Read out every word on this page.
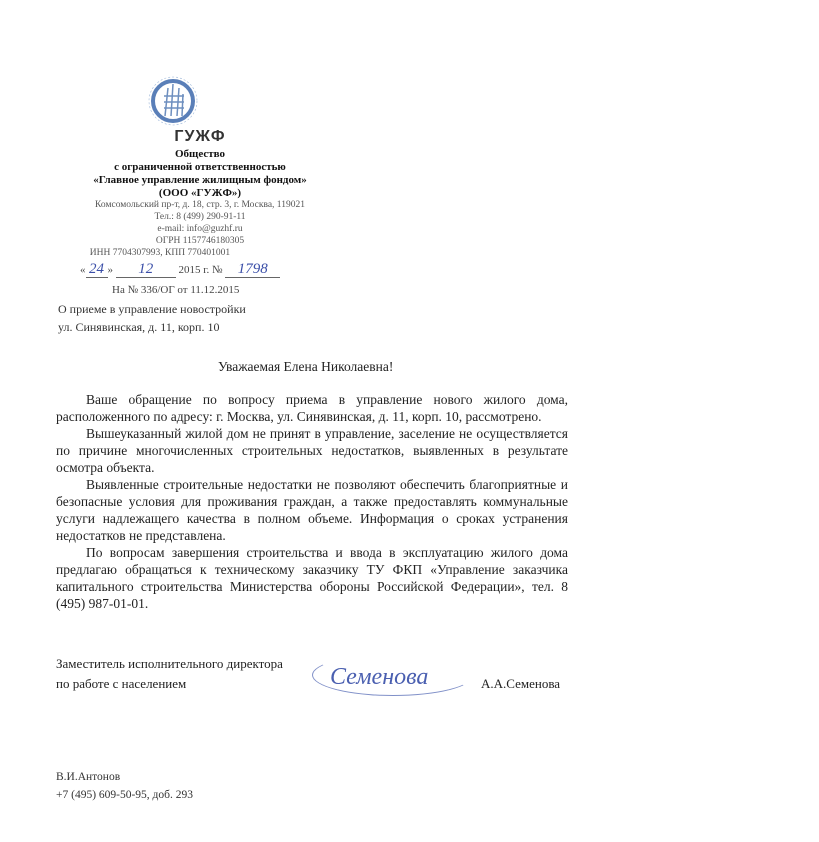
ГУЖФ
Общество
с ограниченной ответственностью
«Главное управление жилищным фондом»
(ООО «ГУЖФ»)
Комсомольский пр-т, д. 18, стр. 3, г. Москва, 119021
Тел.: 8 (499) 290-91-11
e-mail: info@guzhf.ru
ОГРН 1157746180305
ИНН 7704307993, КПП 770401001
« 24 » 12 2015 г. № 1798
На № 336/ОГ от 11.12.2015
О приеме в управление новостройки
ул. Синявинская, д. 11, корп. 10
Уважаемая Елена Николаевна!

Ваше обращение по вопросу приема в управление нового жилого дома, расположенного по адресу: г. Москва, ул. Синявинская, д. 11, корп. 10, рассмотрено.

Вышеуказанный жилой дом не принят в управление, заселение не осуществляется по причине многочисленных строительных недостатков, выявленных в результате осмотра объекта.

Выявленные строительные недостатки не позволяют обеспечить благоприятные и безопасные условия для проживания граждан, а также предоставлять коммунальные услуги надлежащего качества в полном объеме. Информация о сроках устранения недостатков не представлена.

По вопросам завершения строительства и ввода в эксплуатацию жилого дома предлагаю обращаться к техническому заказчику ТУ ФКП «Управление заказчика капитального строительства Министерства обороны Российской Федерации», тел. 8 (495) 987-01-01.

Заместитель исполнительного директора
по работе с населением	Семенова	А.А.Семенова
В.И.Антонов
+7 (495) 609-50-95, доб. 293
